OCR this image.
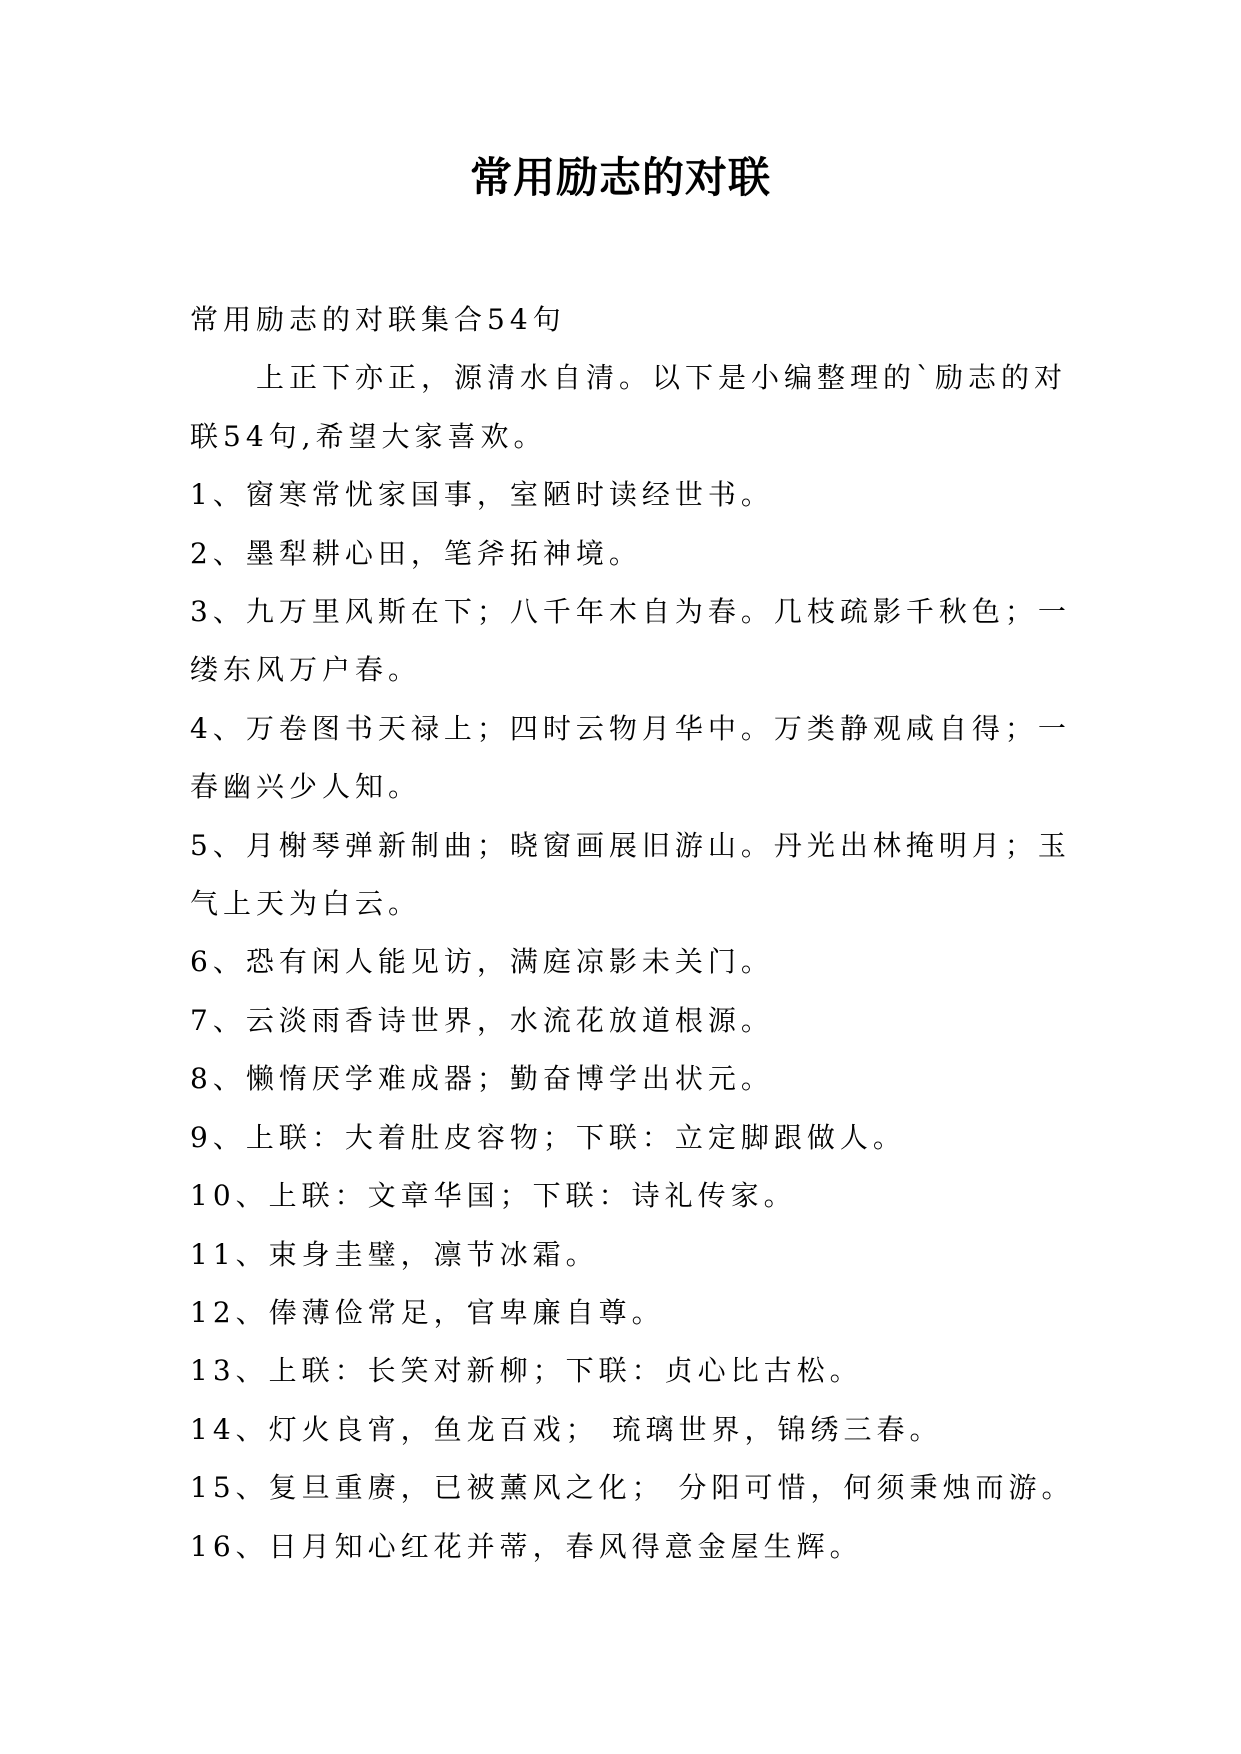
常用励志的对联

常用励志的对联集合54句

上正下亦正，源清水自清。以下是小编整理的`励志的对联54句,希望大家喜欢。

1、窗寒常忧家国事，室陋时读经世书。

2、墨犁耕心田，笔斧拓神境。

3、九万里风斯在下；八千年木自为春。几枝疏影千秋色；一缕东风万户春。

4、万卷图书天禄上；四时云物月华中。万类静观咸自得；一春幽兴少人知。

5、月榭琴弹新制曲；晓窗画展旧游山。丹光出林掩明月；玉气上天为白云。

6、恐有闲人能见访，满庭凉影未关门。

7、云淡雨香诗世界，水流花放道根源。

8、懒惰厌学难成器；勤奋博学出状元。

9、上联：大着肚皮容物；下联：立定脚跟做人。

10、上联：文章华国；下联：诗礼传家。

11、束身圭璧，凛节冰霜。

12、俸薄俭常足，官卑廉自尊。

13、上联：长笑对新柳；下联：贞心比古松。

14、灯火良宵，鱼龙百戏； 琉璃世界，锦绣三春。

15、复旦重赓，已被薰风之化； 分阳可惜，何须秉烛而游。

16、日月知心红花并蒂，春风得意金屋生辉。
